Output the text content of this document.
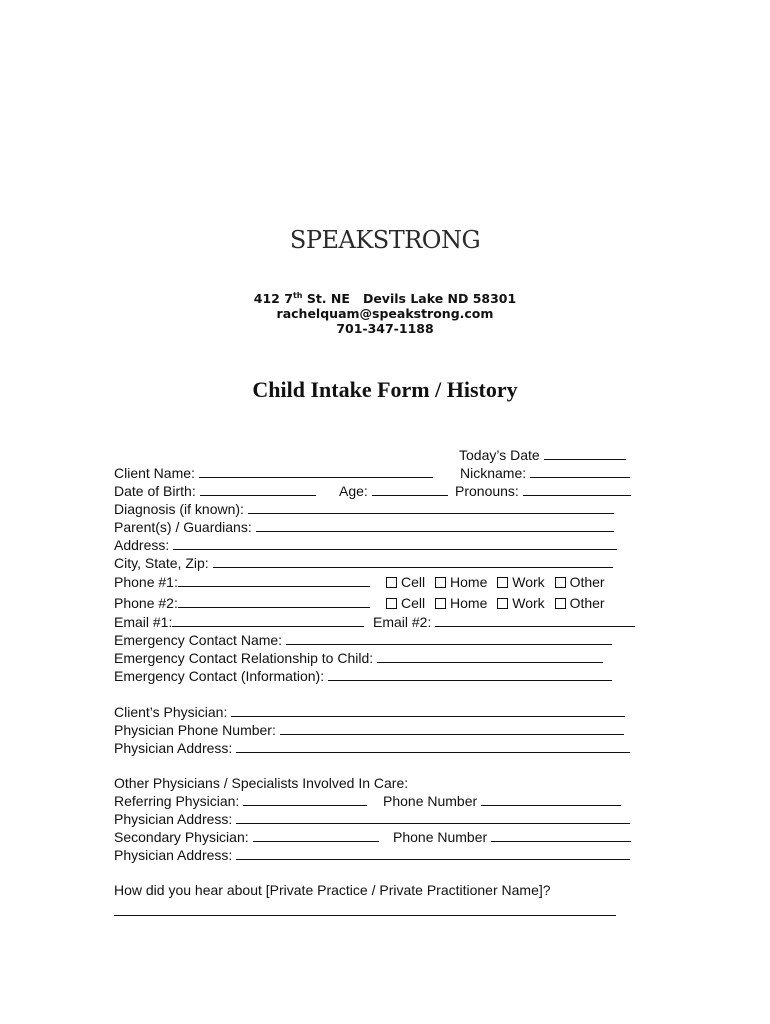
SPEAKSTRONG
412 7th St. NE   Devils Lake ND 58301
rachelquam@speakstrong.com
701-347-1188
Child Intake Form / History
Today’s Date
Client Name:	Nickname:
Date of Birth:	Age:	Pronouns:
Diagnosis (if known):
Parent(s) / Guardians:
Address:
City, State, Zip:
Phone #1:	Cell Home Work Other
Phone #2:	Cell Home Work Other
Email #1:	Email #2:
Emergency Contact Name:
Emergency Contact Relationship to Child:
Emergency Contact (Information):
Client’s Physician:
Physician Phone Number:
Physician Address:
Other Physicians / Specialists Involved In Care:
Referring Physician:	Phone Number
Physician Address:
Secondary Physician:	Phone Number
Physician Address:
How did you hear about [Private Practice / Private Practitioner Name]?
